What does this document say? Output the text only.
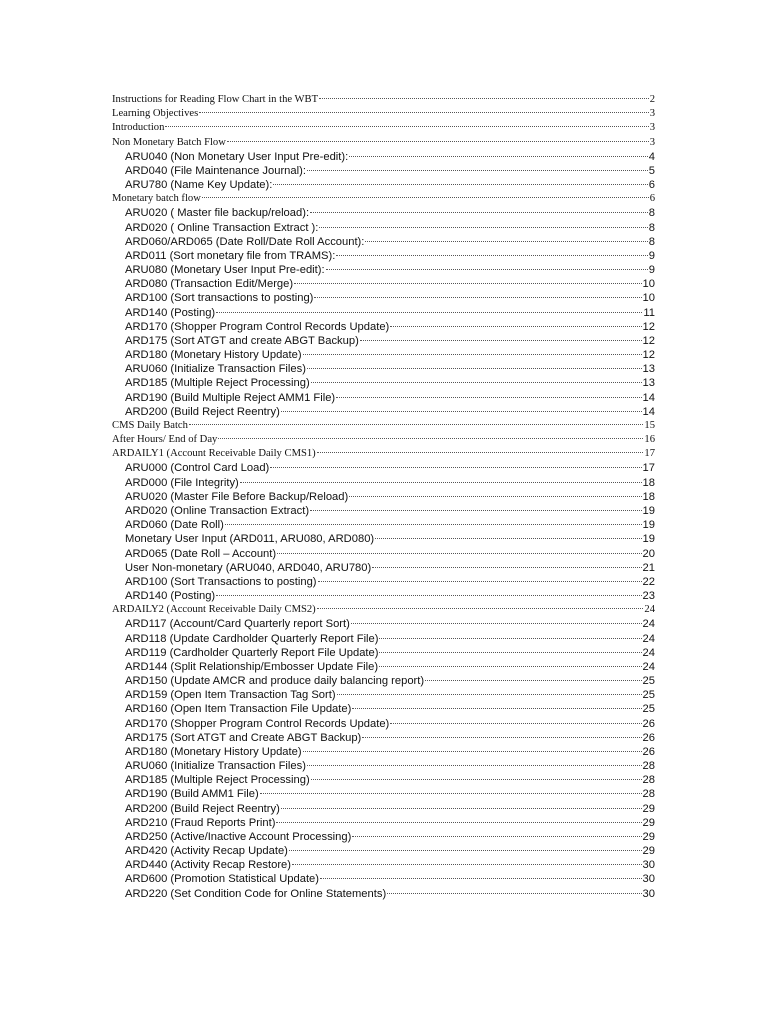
Instructions for Reading Flow Chart in the WBT	2
Learning Objectives	3
Introduction	3
Non Monetary Batch Flow	3
ARU040 (Non Monetary User Input Pre-edit):	4
ARD040 (File Maintenance Journal):	5
ARU780 (Name Key Update):	6
Monetary batch flow	6
ARU020 ( Master file backup/reload):	8
ARD020 ( Online Transaction Extract ):	8
ARD060/ARD065 (Date Roll/Date Roll Account):	8
ARD011 (Sort monetary file from TRAMS):	9
ARU080 (Monetary User Input Pre-edit):	9
ARD080 (Transaction Edit/Merge)	10
ARD100 (Sort transactions to posting)	10
ARD140 (Posting)	11
ARD170 (Shopper Program Control Records Update)	12
ARD175 (Sort ATGT and create ABGT Backup)	12
ARD180 (Monetary History Update)	12
ARU060 (Initialize Transaction Files)	13
ARD185 (Multiple Reject Processing)	13
ARD190 (Build Multiple Reject AMM1 File)	14
ARD200 (Build Reject Reentry)	14
CMS Daily Batch	15
After Hours/ End of Day	16
ARDAILY1 (Account Receivable Daily CMS1)	17
ARU000 (Control Card Load)	17
ARD000 (File Integrity)	18
ARU020 (Master File Before Backup/Reload)	18
ARD020 (Online Transaction Extract)	19
ARD060 (Date Roll)	19
Monetary User Input (ARD011, ARU080, ARD080)	19
ARD065 (Date Roll – Account)	20
User Non-monetary (ARU040, ARD040, ARU780)	21
ARD100 (Sort Transactions to posting)	22
ARD140 (Posting)	23
ARDAILY2 (Account Receivable Daily CMS2)	24
ARD117 (Account/Card Quarterly report Sort)	24
ARD118 (Update Cardholder Quarterly Report File)	24
ARD119 (Cardholder Quarterly Report File Update)	24
ARD144 (Split Relationship/Embosser Update File)	24
ARD150 (Update AMCR and produce daily balancing report)	25
ARD159 (Open Item Transaction Tag Sort)	25
ARD160 (Open Item Transaction File Update)	25
ARD170 (Shopper Program Control Records Update)	26
ARD175 (Sort ATGT and Create ABGT Backup)	26
ARD180 (Monetary History Update)	26
ARU060 (Initialize Transaction Files)	28
ARD185 (Multiple Reject Processing)	28
ARD190 (Build AMM1 File)	28
ARD200 (Build Reject Reentry)	29
ARD210 (Fraud Reports Print)	29
ARD250 (Active/Inactive Account Processing)	29
ARD420 (Activity Recap Update)	29
ARD440 (Activity Recap Restore)	30
ARD600 (Promotion Statistical Update)	30
ARD220 (Set Condition Code for Online Statements)	30
